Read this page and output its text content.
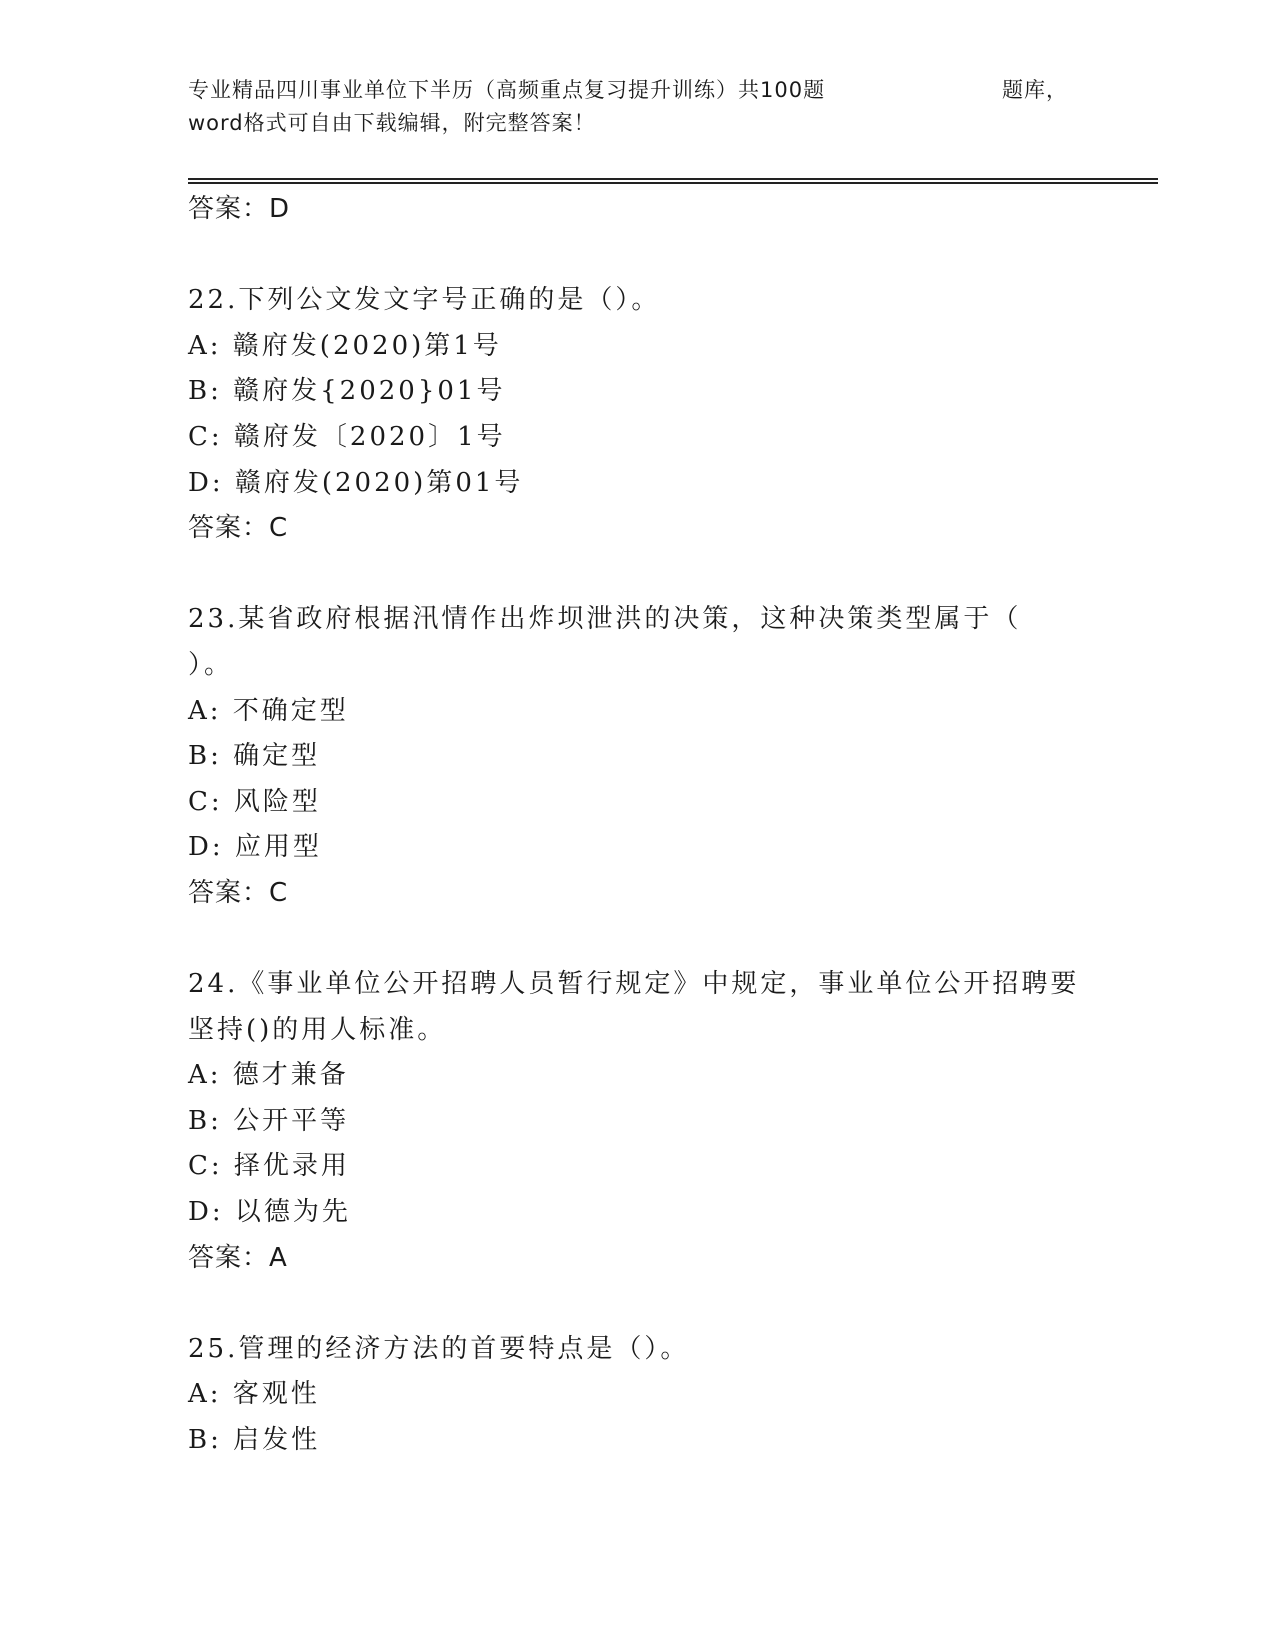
专业精品四川事业单位下半历（高频重点复习提升训练）共100题	题库，
word格式可自由下载编辑，附完整答案！
答案：D
22.下列公文发文字号正确的是（）。
A: 赣府发(2020)第1号
B: 赣府发{2020}01号
C: 赣府发〔2020〕1号
D: 赣府发(2020)第01号
答案：C
23.某省政府根据汛情作出炸坝泄洪的决策，这种决策类型属于（
）。
A: 不确定型
B: 确定型
C: 风险型
D: 应用型
答案：C
24.《事业单位公开招聘人员暂行规定》中规定，事业单位公开招聘要
坚持()的用人标准。
A: 德才兼备
B: 公开平等
C: 择优录用
D: 以德为先
答案：A
25.管理的经济方法的首要特点是（）。
A: 客观性
B: 启发性
